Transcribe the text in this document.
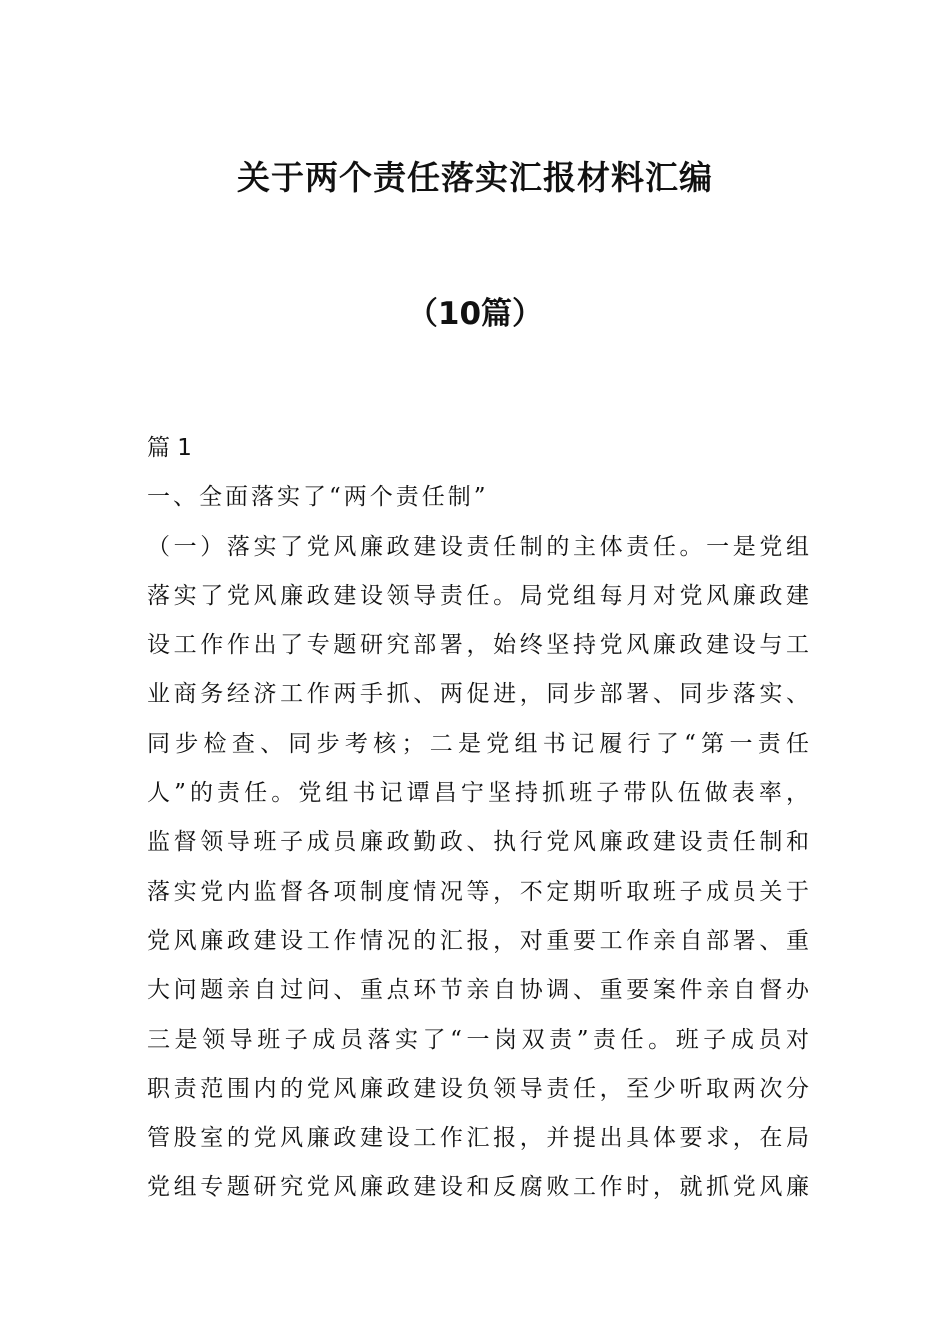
关于两个责任落实汇报材料汇编
（10篇）
篇 1
一、全面落实了“两个责任制”
（一）落实了党风廉政建设责任制的主体责任。一是党组
落实了党风廉政建设领导责任。局党组每月对党风廉政建
设工作作出了专题研究部署，始终坚持党风廉政建设与工
业商务经济工作两手抓、两促进，同步部署、同步落实、
同步检查、同步考核；二是党组书记履行了“第一责任
人”的责任。党组书记谭昌宁坚持抓班子带队伍做表率，
监督领导班子成员廉政勤政、执行党风廉政建设责任制和
落实党内监督各项制度情况等，不定期听取班子成员关于
党风廉政建设工作情况的汇报，对重要工作亲自部署、重
大问题亲自过问、重点环节亲自协调、重要案件亲自督办
三是领导班子成员落实了“一岗双责”责任。班子成员对
职责范围内的党风廉政建设负领导责任，至少听取两次分
管股室的党风廉政建设工作汇报，并提出具体要求，在局
党组专题研究党风廉政建设和反腐败工作时，就抓党风廉
